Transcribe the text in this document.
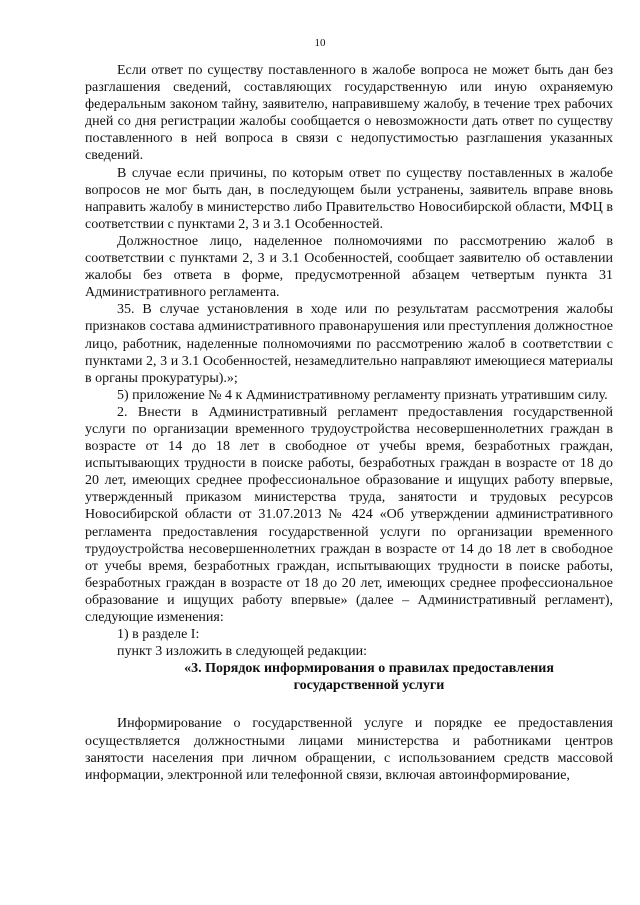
10

Если ответ по существу поставленного в жалобе вопроса не может быть дан без разглашения сведений, составляющих государственную или иную охраняемую федеральным законом тайну, заявителю, направившему жалобу, в течение трех рабочих дней со дня регистрации жалобы сообщается о невозможности дать ответ по существу поставленного в ней вопроса в связи с недопустимостью разглашения указанных сведений.

В случае если причины, по которым ответ по существу поставленных в жалобе вопросов не мог быть дан, в последующем были устранены, заявитель вправе вновь направить жалобу в министерство либо Правительство Новосибирской области, МФЦ в соответствии с пунктами 2, 3 и 3.1 Особенностей.

Должностное лицо, наделенное полномочиями по рассмотрению жалоб в соответствии с пунктами 2, 3 и 3.1 Особенностей, сообщает заявителю об оставлении жалобы без ответа в форме, предусмотренной абзацем четвертым пункта 31 Административного регламента.

35. В случае установления в ходе или по результатам рассмотрения жалобы признаков состава административного правонарушения или преступления должностное лицо, работник, наделенные полномочиями по рассмотрению жалоб в соответствии с пунктами 2, 3 и 3.1 Особенностей, незамедлительно направляют имеющиеся материалы в органы прокуратуры).»;

5) приложение № 4 к Административному регламенту признать утратившим силу.

2. Внести в Административный регламент предоставления государственной услуги по организации временного трудоустройства несовершеннолетних граждан в возрасте от 14 до 18 лет в свободное от учебы время, безработных граждан, испытывающих трудности в поиске работы, безработных граждан в возрасте от 18 до 20 лет, имеющих среднее профессиональное образование и ищущих работу впервые, утвержденный приказом министерства труда, занятости и трудовых ресурсов Новосибирской области от 31.07.2013 № 424 «Об утверждении административного регламента предоставления государственной услуги по организации временного трудоустройства несовершеннолетних граждан в возрасте от 14 до 18 лет в свободное от учебы время, безработных граждан, испытывающих трудности в поиске работы, безработных граждан в возрасте от 18 до 20 лет, имеющих среднее профессиональное образование и ищущих работу впервые» (далее – Административный регламент), следующие изменения:

1) в разделе I:

пункт 3 изложить в следующей редакции:

«3. Порядок информирования о правилах предоставления
государственной услуги

Информирование о государственной услуге и порядке ее предоставления осуществляется должностными лицами министерства и работниками центров занятости населения при личном обращении, с использованием средств массовой информации, электронной или телефонной связи, включая автоинформирование,
